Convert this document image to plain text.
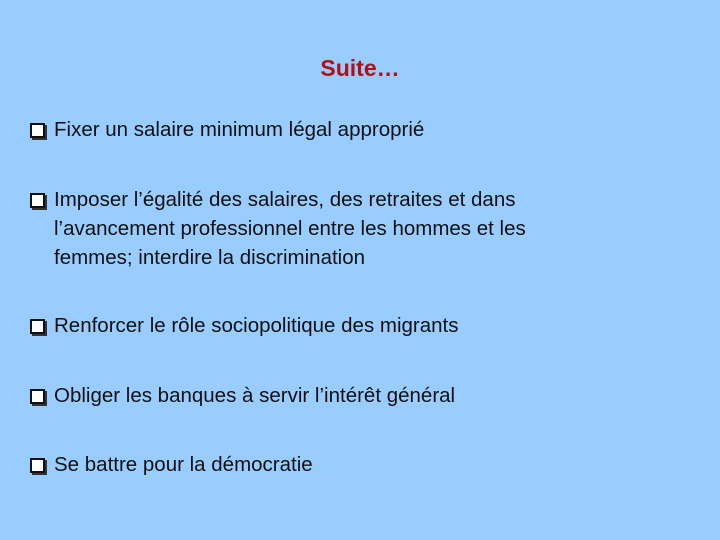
Suite…
Fixer un salaire minimum légal approprié
Imposer l’égalité des salaires, des retraites et dans
l’avancement professionnel entre les hommes et les
femmes; interdire la discrimination
Renforcer le rôle sociopolitique des migrants
Obliger les banques à servir l’intérêt général
Se battre pour la démocratie
